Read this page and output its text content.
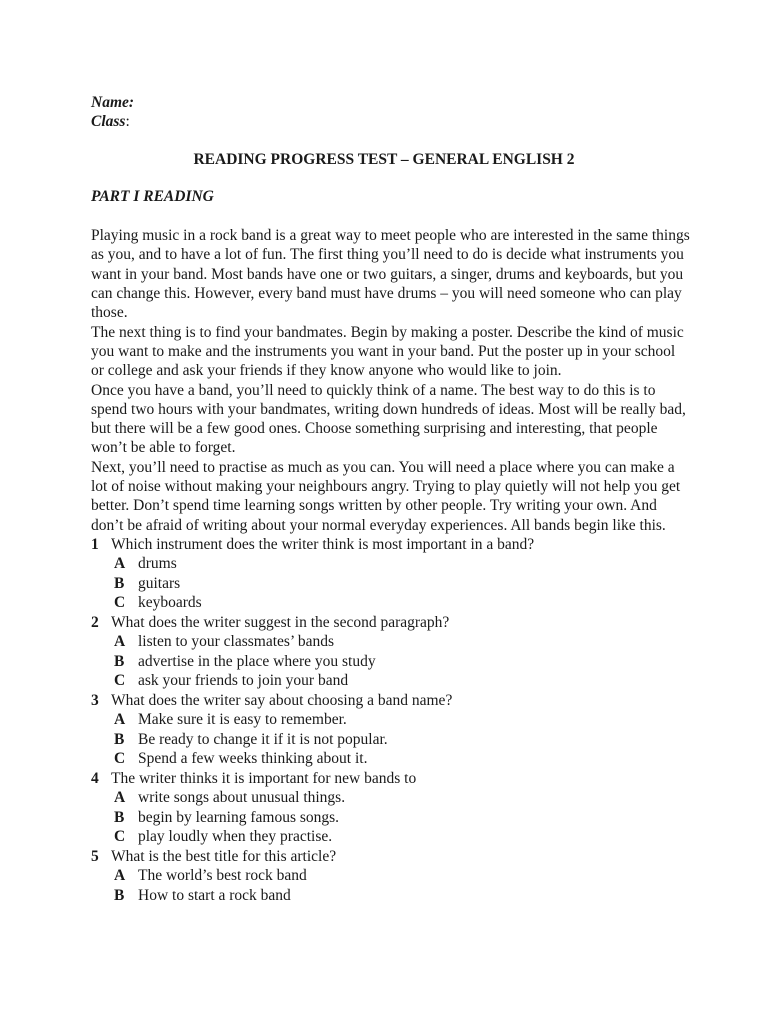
Name:
Class:
READING PROGRESS TEST – GENERAL ENGLISH 2
PART I READING

Playing music in a rock band is a great way to meet people who are interested in the same things as you, and to have a lot of fun. The first thing you’ll need to do is decide what instruments you want in your band. Most bands have one or two guitars, a singer, drums and keyboards, but you can change this. However, every band must have drums – you will need someone who can play those.

The next thing is to find your bandmates. Begin by making a poster. Describe the kind of music you want to make and the instruments you want in your band. Put the poster up in your school or college and ask your friends if they know anyone who would like to join.

Once you have a band, you’ll need to quickly think of a name. The best way to do this is to spend two hours with your bandmates, writing down hundreds of ideas. Most will be really bad, but there will be a few good ones. Choose something surprising and interesting, that people won’t be able to forget.

Next, you’ll need to practise as much as you can. You will need a place where you can make a lot of noise without making your neighbours angry. Trying to play quietly will not help you get better. Don’t spend time learning songs written by other people. Try writing your own. And don’t be afraid of writing about your normal everyday experiences. All bands begin like this.

1 Which instrument does the writer think is most important in a band?
A drums
B guitars
C keyboards
2 What does the writer suggest in the second paragraph?
A listen to your classmates’ bands
B advertise in the place where you study
C ask your friends to join your band
3 What does the writer say about choosing a band name?
A Make sure it is easy to remember.
B Be ready to change it if it is not popular.
C Spend a few weeks thinking about it.
4 The writer thinks it is important for new bands to
A write songs about unusual things.
B begin by learning famous songs.
C play loudly when they practise.
5 What is the best title for this article?
A The world’s best rock band
B How to start a rock band
